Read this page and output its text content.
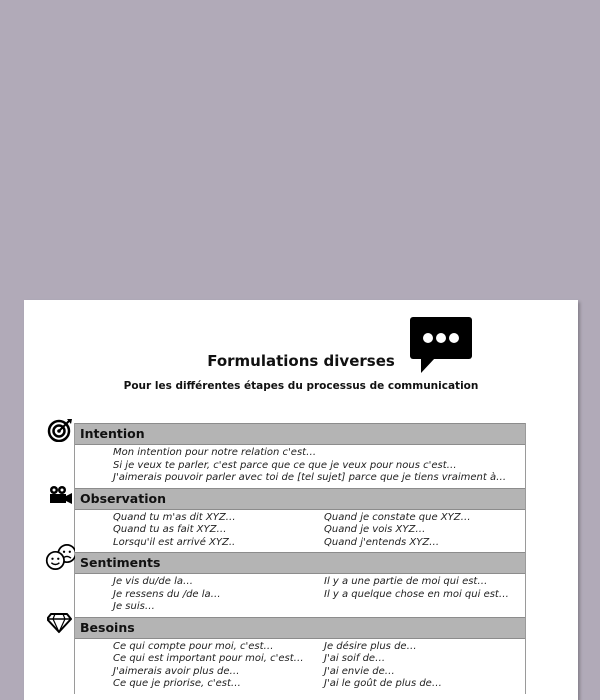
Formulations diverses
Pour les différentes étapes du processus de communication
Intention
Mon intention pour notre relation c'est…
Si je veux te parler, c'est parce que ce que je veux pour nous c'est…
J'aimerais pouvoir parler avec toi de [tel sujet] parce que je tiens vraiment à…
Observation
Quand tu m'as dit XYZ…
Quand tu as fait XYZ…
Lorsqu'il est arrivé XYZ..
Quand je constate que XYZ…
Quand je vois XYZ…
Quand j'entends XYZ…
Sentiments
Je vis du/de la…
Je ressens du /de la…
Je suis…
Il y a une partie de moi qui est…
Il y a quelque chose en moi qui est…
Besoins
Ce qui compte pour moi, c'est…
Ce qui est important pour moi, c'est…
J'aimerais avoir plus de…
Ce que je priorise, c'est…
Je désire plus de…
J'ai soif de…
J'ai envie de…
J'ai le goût de plus de…
